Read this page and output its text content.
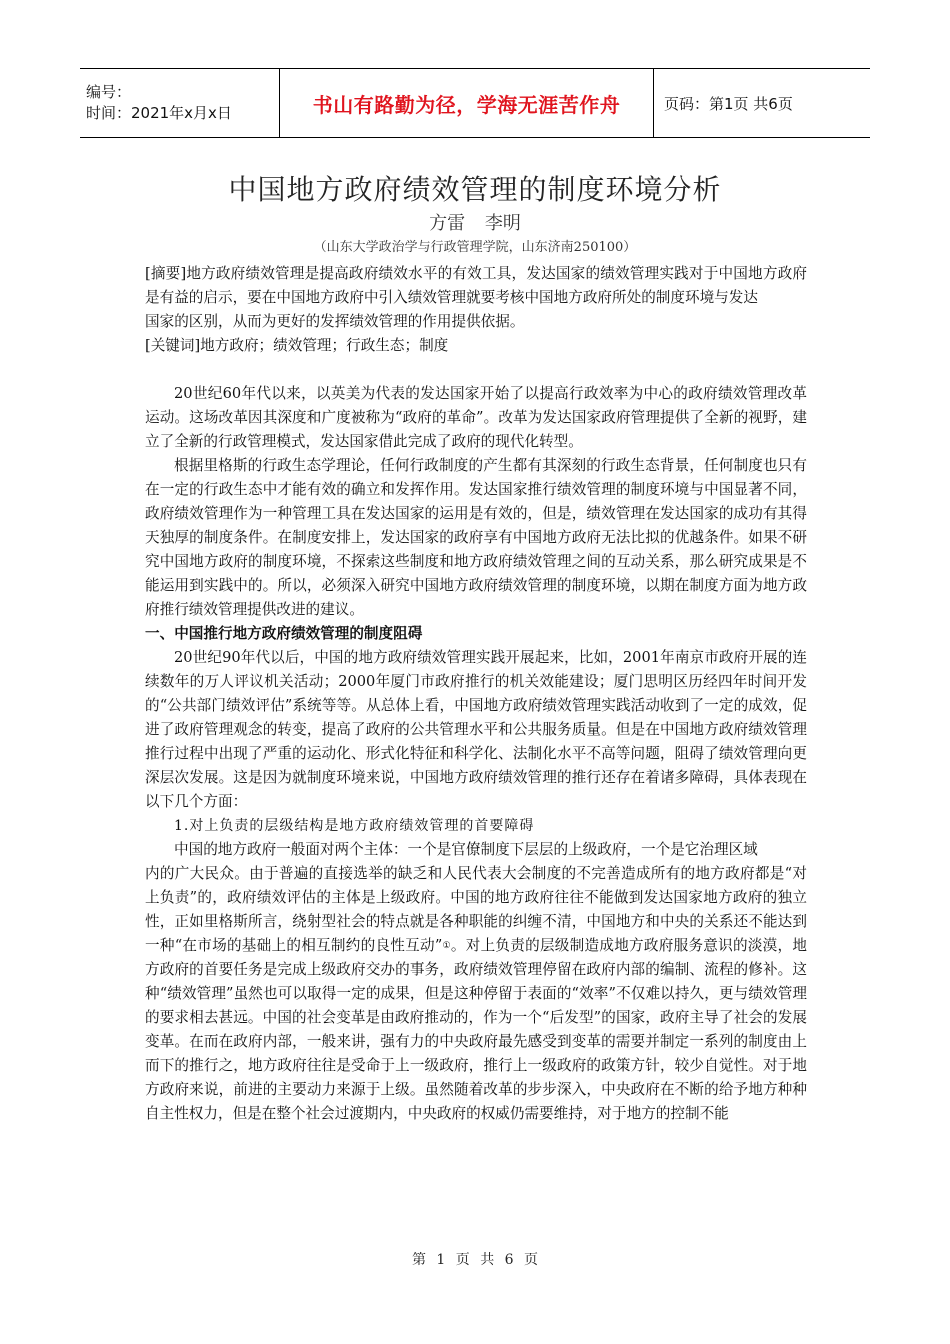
编号：
时间：2021年x月x日	书山有路勤为径，学海无涯苦作舟	页码：第1页 共6页
中国地方政府绩效管理的制度环境分析
方雷 李明
（山东大学政治学与行政管理学院，山东济南250100）

[摘要]地方政府绩效管理是提高政府绩效水平的有效工具，发达国家的绩效管理实践对于中国地方政府是有益的启示，要在中国地方政府中引入绩效管理就要考核中国地方政府所处的制度环境与发达

国家的区别，从而为更好的发挥绩效管理的作用提供依据。

[关键词]地方政府；绩效管理；行政生态；制度

20世纪60年代以来，以英美为代表的发达国家开始了以提高行政效率为中心的政府绩效管理改革运动。这场改革因其深度和广度被称为“政府的革命”。改革为发达国家政府管理提供了全新的视野，建立了全新的行政管理模式，发达国家借此完成了政府的现代化转型。

根据里格斯的行政生态学理论，任何行政制度的产生都有其深刻的行政生态背景，任何制度也只有在一定的行政生态中才能有效的确立和发挥作用。发达国家推行绩效管理的制度环境与中国显著不同，政府绩效管理作为一种管理工具在发达国家的运用是有效的，但是，绩效管理在发达国家的成功有其得天独厚的制度条件。在制度安排上，发达国家的政府享有中国地方政府无法比拟的优越条件。如果不研究中国地方政府的制度环境，不探索这些制度和地方政府绩效管理之间的互动关系，那么研究成果是不能运用到实践中的。所以，必须深入研究中国地方政府绩效管理的制度环境，以期在制度方面为地方政府推行绩效管理提供改进的建议。

一、中国推行地方政府绩效管理的制度阻碍

20世纪90年代以后，中国的地方政府绩效管理实践开展起来，比如，2001年南京市政府开展的连续数年的万人评议机关活动；2000年厦门市政府推行的机关效能建设；厦门思明区历经四年时间开发的“公共部门绩效评估”系统等等。从总体上看，中国地方政府绩效管理实践活动收到了一定的成效，促进了政府管理观念的转变，提高了政府的公共管理水平和公共服务质量。但是在中国地方政府绩效管理推行过程中出现了严重的运动化、形式化特征和科学化、法制化水平不高等问题，阻碍了绩效管理向更深层次发展。这是因为就制度环境来说，中国地方政府绩效管理的推行还存在着诸多障碍，具体表现在以下几个方面：

1.对上负责的层级结构是地方政府绩效管理的首要障碍

中国的地方政府一般面对两个主体：一个是官僚制度下层层的上级政府，一个是它治理区域

内的广大民众。由于普遍的直接选举的缺乏和人民代表大会制度的不完善造成所有的地方政府都是“对上负责”的，政府绩效评估的主体是上级政府。中国的地方政府往往不能做到发达国家地方政府的独立性，正如里格斯所言，绕射型社会的特点就是各种职能的纠缠不清，中国地方和中央的关系还不能达到一种“在市场的基础上的相互制约的良性互动”①。对上负责的层级制造成地方政府服务意识的淡漠，地方政府的首要任务是完成上级政府交办的事务，政府绩效管理停留在政府内部的编制、流程的修补。这种“绩效管理”虽然也可以取得一定的成果，但是这种停留于表面的“效率”不仅难以持久，更与绩效管理的要求相去甚远。中国的社会变革是由政府推动的，作为一个“后发型”的国家，政府主导了社会的发展变革。在而在政府内部，一般来讲，强有力的中央政府最先感受到变革的需要并制定一系列的制度由上而下的推行之，地方政府往往是受命于上一级政府，推行上一级政府的政策方针，较少自觉性。对于地方政府来说，前进的主要动力来源于上级。虽然随着改革的步步深入，中央政府在不断的给予地方种种自主性权力，但是在整个社会过渡期内，中央政府的权威仍需要维持，对于地方的控制不能

第 1 页 共 6 页
